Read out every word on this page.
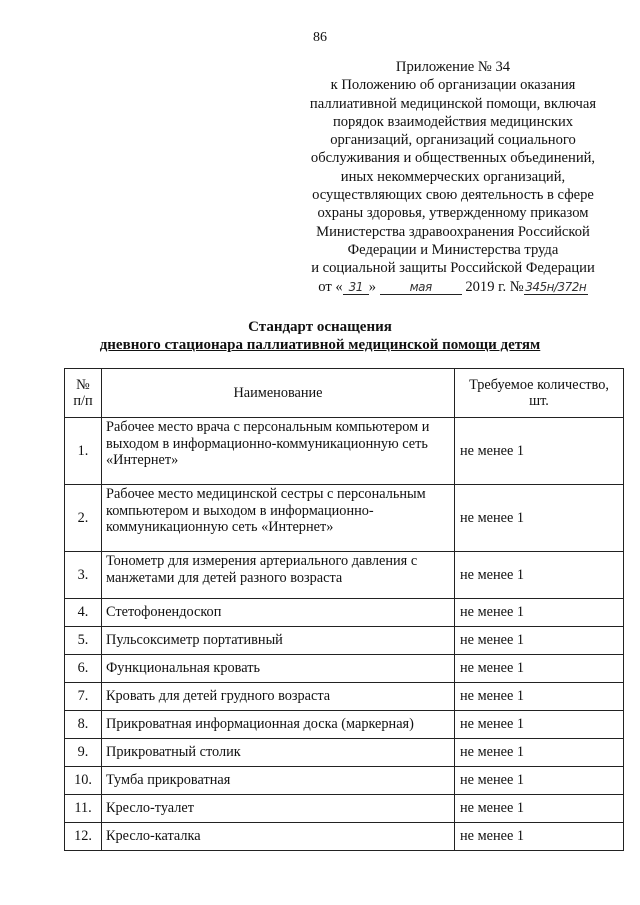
86
Приложение № 34
к Положению об организации оказания
паллиативной медицинской помощи, включая
порядок взаимодействия медицинских
организаций, организаций социального
обслуживания и общественных объединений,
иных некоммерческих организаций,
осуществляющих свою деятельность в сфере
охраны здоровья, утвержденному приказом
Министерства здравоохранения Российской
Федерации и Министерства труда
и социальной защиты Российской Федерации
от « 31 »	мая 2019 г. №345н/372н
Стандарт оснащения
дневного стационара паллиативной медицинской помощи детям
№ п/п	Наименование	Требуемое количество, шт.
1.	Рабочее место врача с персональным компьютером и выходом в информационно-коммуникационную сеть «Интернет»	не менее 1
2.	Рабочее место медицинской сестры с персональным компьютером и выходом в информационно-коммуникационную сеть «Интернет»	не менее 1
3.	Тонометр для измерения артериального давления с манжетами для детей разного возраста	не менее 1
4.	Стетофонендоскоп	не менее 1
5.	Пульсоксиметр портативный	не менее 1
6.	Функциональная кровать	не менее 1
7.	Кровать для детей грудного возраста	не менее 1
8.	Прикроватная информационная доска (маркерная)	не менее 1
9.	Прикроватный столик	не менее 1
10.	Тумба прикроватная	не менее 1
11.	Кресло-туалет	не менее 1
12.	Кресло-каталка	не менее 1
